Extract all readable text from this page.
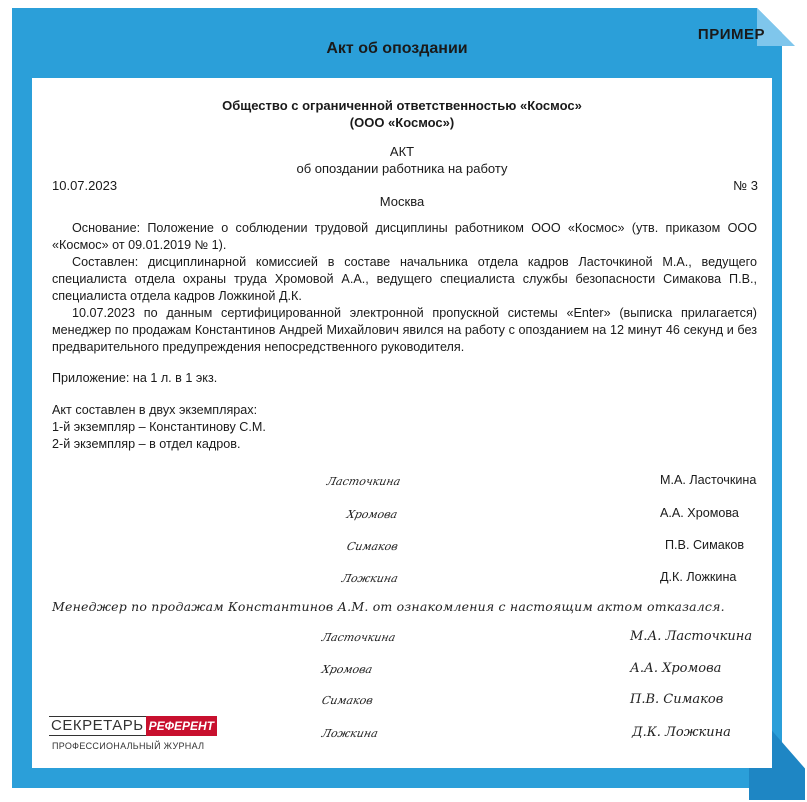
ПРИМЕР
Акт об опоздании
Общество с ограниченной ответственностью «Космос»
(ООО «Космос»)
АКТ
об опоздании работника на работу
10.07.2023	№ 3
Москва

Основание: Положение о соблюдении трудовой дисциплины работником ООО «Космос» (утв. приказом ООО «Космос» от 09.01.2019 № 1).

Составлен: дисциплинарной комиссией в составе начальника отдела кадров Ласточкиной М.А., ведущего специалиста отдела охраны труда Хромовой А.А., ведущего специалиста службы безопасности Симакова П.В., специалиста отдела кадров Ложкиной Д.К.

10.07.2023 по данным сертифицированной электронной пропускной системы «Enter» (выписка прилагается) менеджер по продажам Константинов Андрей Михайлович явился на работу с опозданием на 12 минут 46 секунд и без предварительного предупреждения непосредственного руководителя.

Приложение: на 1 л. в 1 экз.
Акт составлен в двух экземплярах:
1-й экземпляр – Константинову С.М.
2-й экземпляр – в отдел кадров.
Ласточкина	М.А. Ласточкина
Хромова	А.А. Хромова
Симаков	П.В. Симаков
Ложкина	Д.К. Ложкина
Менеджер по продажам Константинов А.М. от ознакомления с настоящим актом отказался.
Ласточкина	М.А. Ласточкина
Хромова	А.А. Хромова
Симаков	П.В. Симаков
Ложкина	Д.К. Ложкина
СЕКРЕТАРЬ РЕФЕРЕНТ
ПРОФЕССИОНАЛЬНЫЙ ЖУРНАЛ
